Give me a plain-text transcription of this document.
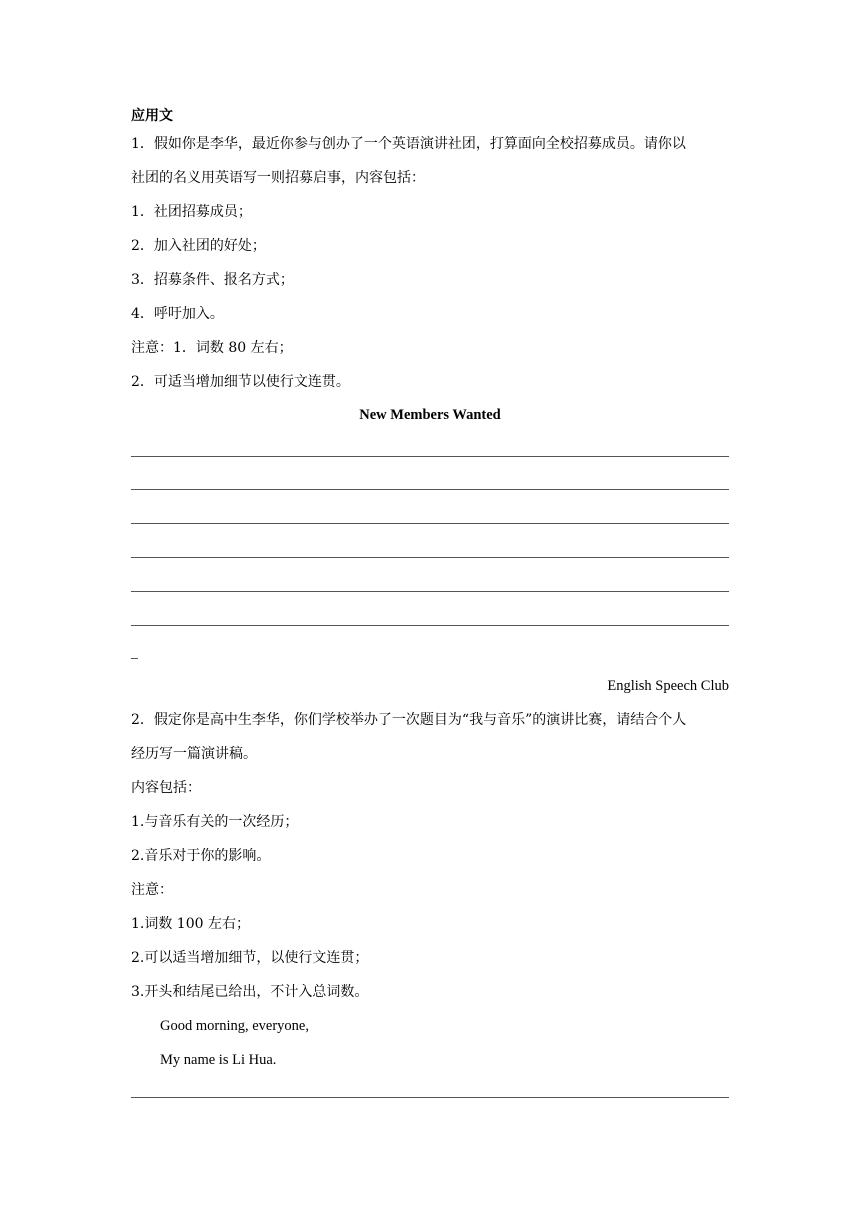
应用文
1．假如你是李华，最近你参与创办了一个英语演讲社团，打算面向全校招募成员。请你以
社团的名义用英语写一则招募启事，内容包括：
1．社团招募成员；
2．加入社团的好处；
3．招募条件、报名方式；
4．呼吁加入。
注意：1．词数 80 左右；
2．可适当增加细节以使行文连贯。
New Members Wanted
English Speech Club
2．假定你是高中生李华，你们学校举办了一次题目为“我与音乐”的演讲比赛，请结合个人
经历写一篇演讲稿。
内容包括：
1.与音乐有关的一次经历；
2.音乐对于你的影响。
注意：
1.词数 100 左右；
2.可以适当增加细节，以使行文连贯；
3.开头和结尾已给出，不计入总词数。
Good morning, everyone,
My name is Li Hua.
